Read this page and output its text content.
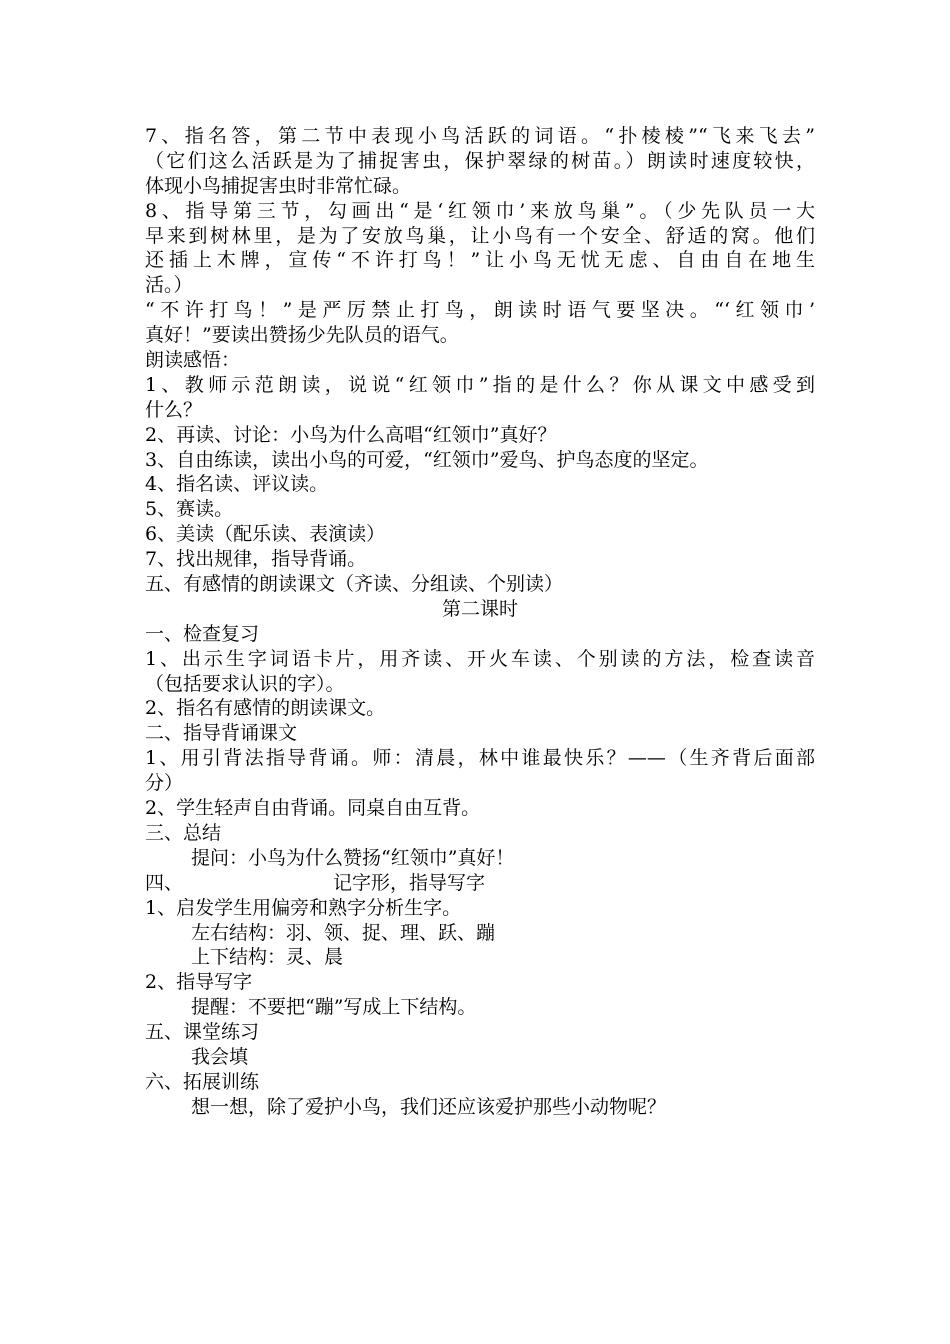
7、指名答，第二节中表现小鸟活跃的词语。“扑棱棱”“飞来飞去”
（它们这么活跃是为了捕捉害虫，保护翠绿的树苗。）朗读时速度较快，
体现小鸟捕捉害虫时非常忙碌。
8、指导第三节，勾画出“是‘红领巾’来放鸟巢”。（少先队员一大
早来到树林里，是为了安放鸟巢，让小鸟有一个安全、舒适的窝。他们
还插上木牌，宣传“不许打鸟！”让小鸟无忧无虑、自由自在地生
活。）
“不许打鸟！”是严厉禁止打鸟，朗读时语气要坚决。“‘红领巾’
真好！”要读出赞扬少先队员的语气。
朗读感悟：
1、教师示范朗读，说说“红领巾”指的是什么？你从课文中感受到
什么？
2、再读、讨论：小鸟为什么高唱“红领巾”真好？
3、自由练读，读出小鸟的可爱，“红领巾”爱鸟、护鸟态度的坚定。
4、指名读、评议读。
5、赛读。
6、美读（配乐读、表演读）
7、找出规律，指导背诵。
五、有感情的朗读课文（齐读、分组读、个别读）
第二课时
一、检查复习
1、出示生字词语卡片，用齐读、开火车读、个别读的方法，检查读音
（包括要求认识的字）。
2、指名有感情的朗读课文。
二、指导背诵课文
1、用引背法指导背诵。师：清晨，林中谁最快乐？——（生齐背后面部
分）
2、学生轻声自由背诵。同桌自由互背。
三、总结
提问：小鸟为什么赞扬“红领巾”真好！
四、	记字形，指导写字
1、启发学生用偏旁和熟字分析生字。
左右结构：羽、领、捉、理、跃、蹦
上下结构：灵、晨
2、指导写字
提醒：不要把“蹦”写成上下结构。
五、课堂练习
我会填
六、拓展训练
想一想，除了爱护小鸟，我们还应该爱护那些小动物呢？
